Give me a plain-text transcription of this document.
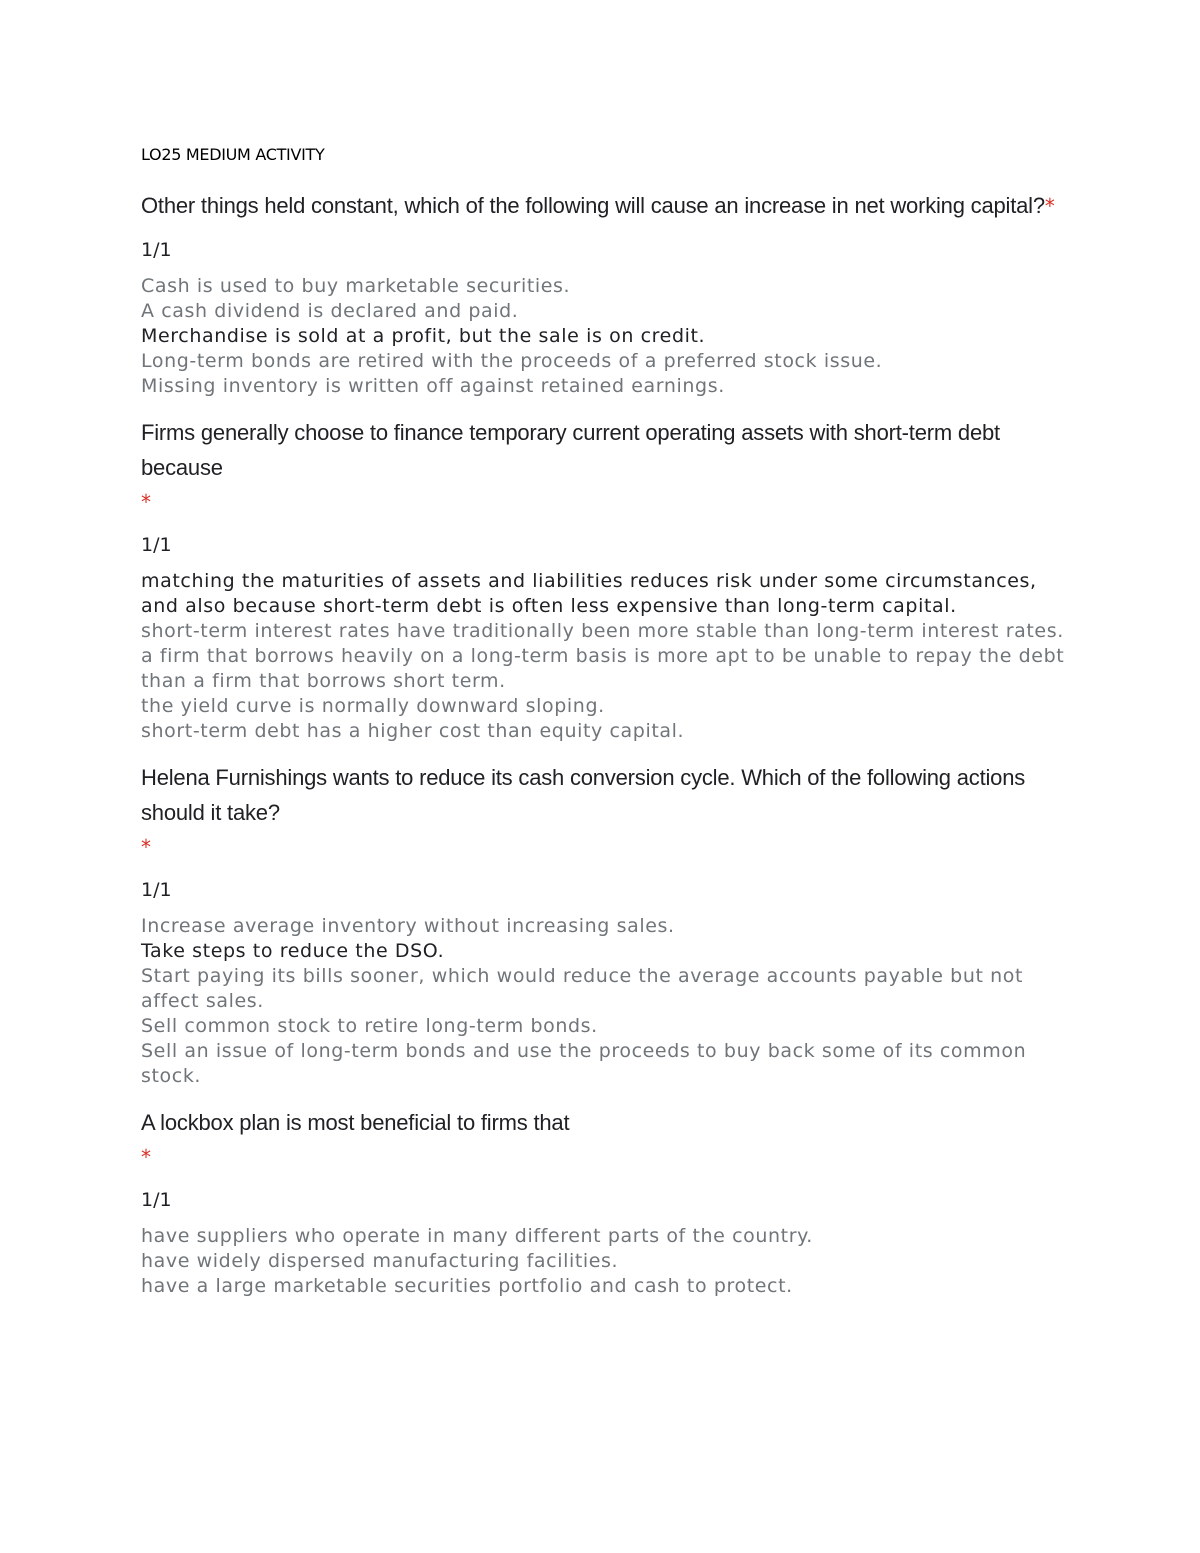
LO25 MEDIUM ACTIVITY

Other things held constant, which of the following will cause an increase in net working capital?*

1/1
Cash is used to buy marketable securities.
A cash dividend is declared and paid.
Merchandise is sold at a profit, but the sale is on credit.
Long-term bonds are retired with the proceeds of a preferred stock issue.
Missing inventory is written off against retained earnings.

Firms generally choose to finance temporary current operating assets with short-term debt because

*
1/1
matching the maturities of assets and liabilities reduces risk under some circumstances, and also because short-term debt is often less expensive than long-term capital.
short-term interest rates have traditionally been more stable than long-term interest rates.
a firm that borrows heavily on a long-term basis is more apt to be unable to repay the debt than a firm that borrows short term.
the yield curve is normally downward sloping.
short-term debt has a higher cost than equity capital.

Helena Furnishings wants to reduce its cash conversion cycle. Which of the following actions should it take?

*
1/1
Increase average inventory without increasing sales.
Take steps to reduce the DSO.
Start paying its bills sooner, which would reduce the average accounts payable but not affect sales.
Sell common stock to retire long-term bonds.
Sell an issue of long-term bonds and use the proceeds to buy back some of its common stock.

A lockbox plan is most beneficial to firms that

*
1/1
have suppliers who operate in many different parts of the country.
have widely dispersed manufacturing facilities.
have a large marketable securities portfolio and cash to protect.
